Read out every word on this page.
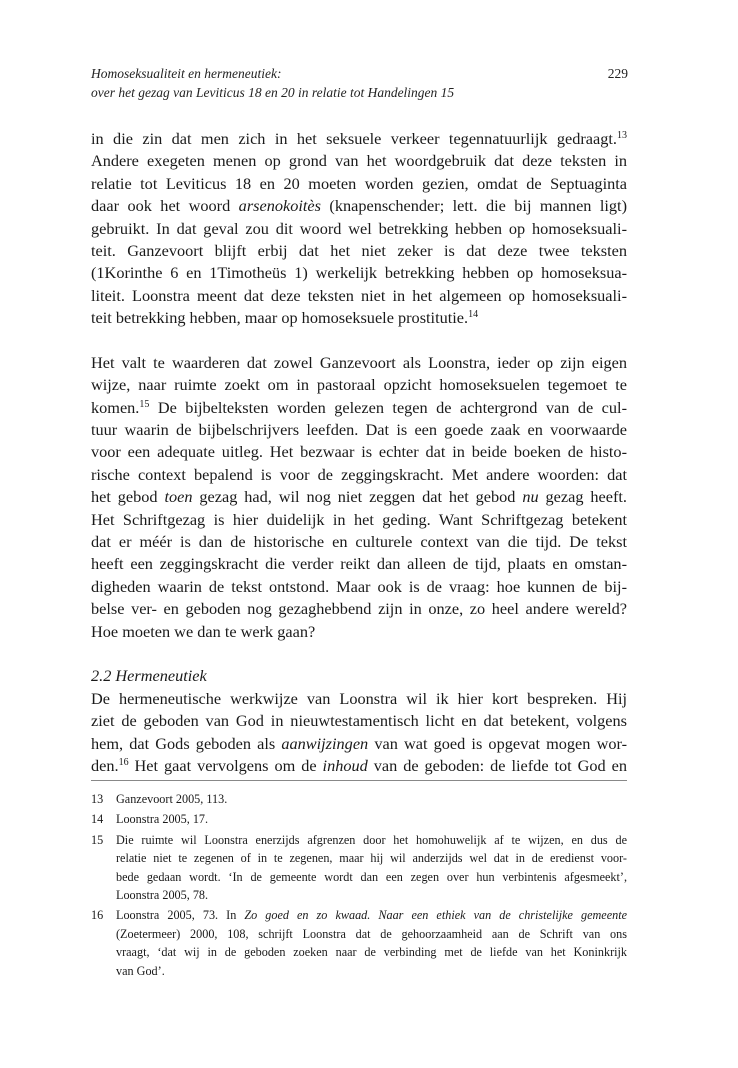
Homoseksualiteit en hermeneutiek:
over het gezag van Leviticus 18 en 20 in relatie tot Handelingen 15
229
in die zin dat men zich in het seksuele verkeer tegennatuurlijk gedraagt.$^{13}$
Andere exegeten menen op grond van het woordgebruik dat deze teksten in
relatie tot Leviticus 18 en 20 moeten worden gezien, omdat de Septuaginta
daar ook het woord arsenokoitès (knapenschender; lett. die bij mannen ligt)
gebruikt. In dat geval zou dit woord wel betrekking hebben op homoseksuali-
teit. Ganzevoort blijft erbij dat het niet zeker is dat deze twee teksten
(1Korinthe 6 en 1Timotheüs 1) werkelijk betrekking hebben op homoseksua-
liteit. Loonstra meent dat deze teksten niet in het algemeen op homoseksuali-
teit betrekking hebben, maar op homoseksuele prostitutie.$^{14}$
Het valt te waarderen dat zowel Ganzevoort als Loonstra, ieder op zijn eigen
wijze, naar ruimte zoekt om in pastoraal opzicht homoseksuelen tegemoet te
komen.$^{15}$ De bijbelteksten worden gelezen tegen de achtergrond van de cul-
tuur waarin de bijbelschrijvers leefden. Dat is een goede zaak en voorwaarde
voor een adequate uitleg. Het bezwaar is echter dat in beide boeken de histo-
rische context bepalend is voor de zeggingskracht. Met andere woorden: dat
het gebod toen gezag had, wil nog niet zeggen dat het gebod nu gezag heeft.
Het Schriftgezag is hier duidelijk in het geding. Want Schriftgezag betekent
dat er méér is dan de historische en culturele context van die tijd. De tekst
heeft een zeggingskracht die verder reikt dan alleen de tijd, plaats en omstan-
digheden waarin de tekst ontstond. Maar ook is de vraag: hoe kunnen de bij-
belse ver- en geboden nog gezaghebbend zijn in onze, zo heel andere wereld?
Hoe moeten we dan te werk gaan?
2.2 Hermeneutiek
De hermeneutische werkwijze van Loonstra wil ik hier kort bespreken. Hij
ziet de geboden van God in nieuwtestamentisch licht en dat betekent, volgens
hem, dat Gods geboden als aanwijzingen van wat goed is opgevat mogen wor-
den.$^{16}$ Het gaat vervolgens om de inhoud van de geboden: de liefde tot God en
13 Ganzevoort 2005, 113.
14 Loonstra 2005, 17.
15 Die ruimte wil Loonstra enerzijds afgrenzen door het homohuwelijk af te wijzen, en dus de
relatie niet te zegenen of in te zegenen, maar hij wil anderzijds wel dat in de eredienst voor-
bede gedaan wordt. ‘In de gemeente wordt dan een zegen over hun verbintenis afgesmeekt’,
Loonstra 2005, 78.
16 Loonstra 2005, 73. In Zo goed en zo kwaad. Naar een ethiek van de christelijke gemeente
(Zoetermeer) 2000, 108, schrijft Loonstra dat de gehoorzaamheid aan de Schrift van ons
vraagt, ‘dat wij in de geboden zoeken naar de verbinding met de liefde van het Koninkrijk
van God’.
